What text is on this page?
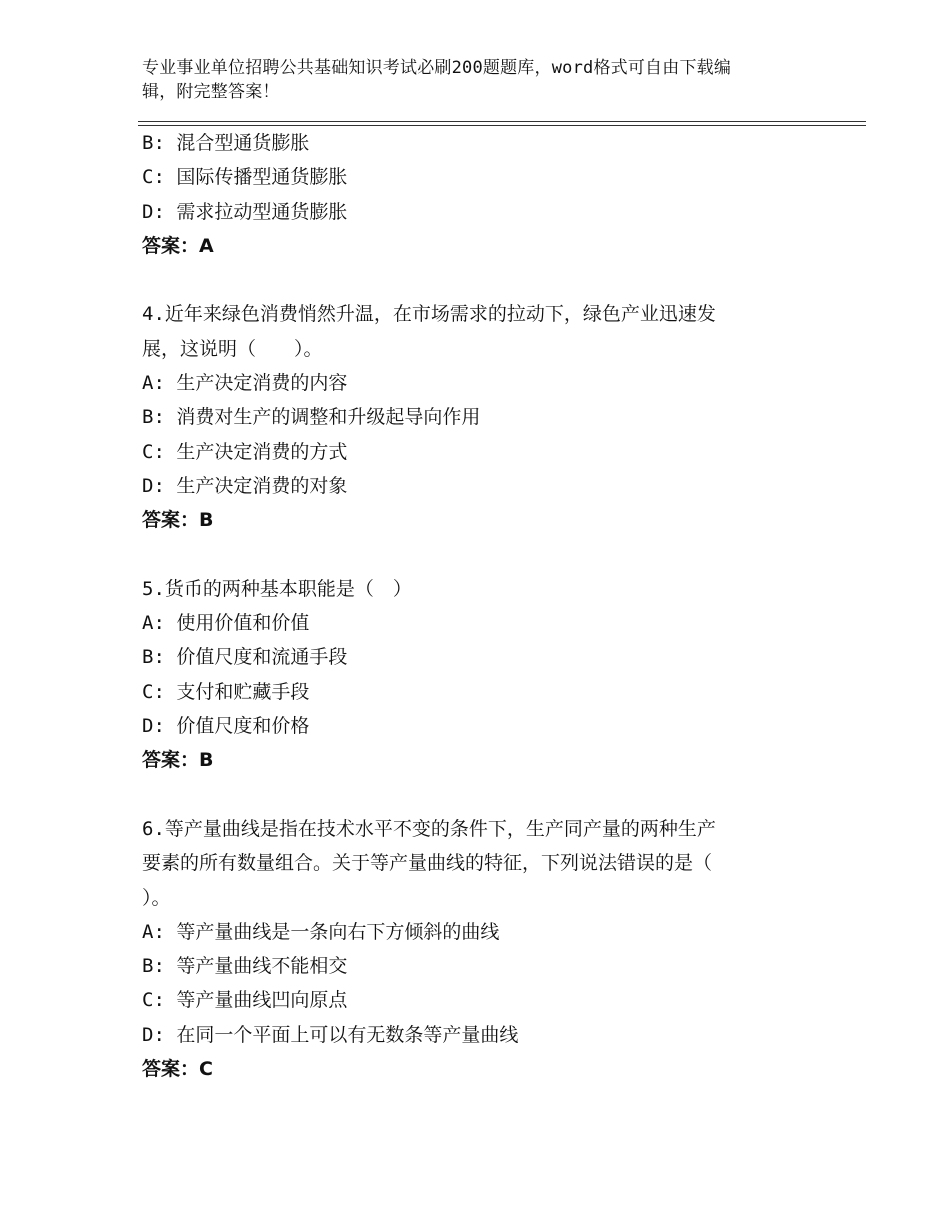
专业事业单位招聘公共基础知识考试必刷200题题库，word格式可自由下载编
辑，附完整答案！
B: 混合型通货膨胀
C: 国际传播型通货膨胀
D: 需求拉动型通货膨胀
答案：A
4.近年来绿色消费悄然升温，在市场需求的拉动下，绿色产业迅速发
展，这说明（　　）。
A: 生产决定消费的内容
B: 消费对生产的调整和升级起导向作用
C: 生产决定消费的方式
D: 生产决定消费的对象
答案：B
5.货币的两种基本职能是（　）
A: 使用价值和价值
B: 价值尺度和流通手段
C: 支付和贮藏手段
D: 价值尺度和价格
答案：B
6.等产量曲线是指在技术水平不变的条件下，生产同产量的两种生产
要素的所有数量组合。关于等产量曲线的特征，下列说法错误的是（
）。
A: 等产量曲线是一条向右下方倾斜的曲线
B: 等产量曲线不能相交
C: 等产量曲线凹向原点
D: 在同一个平面上可以有无数条等产量曲线
答案：C
